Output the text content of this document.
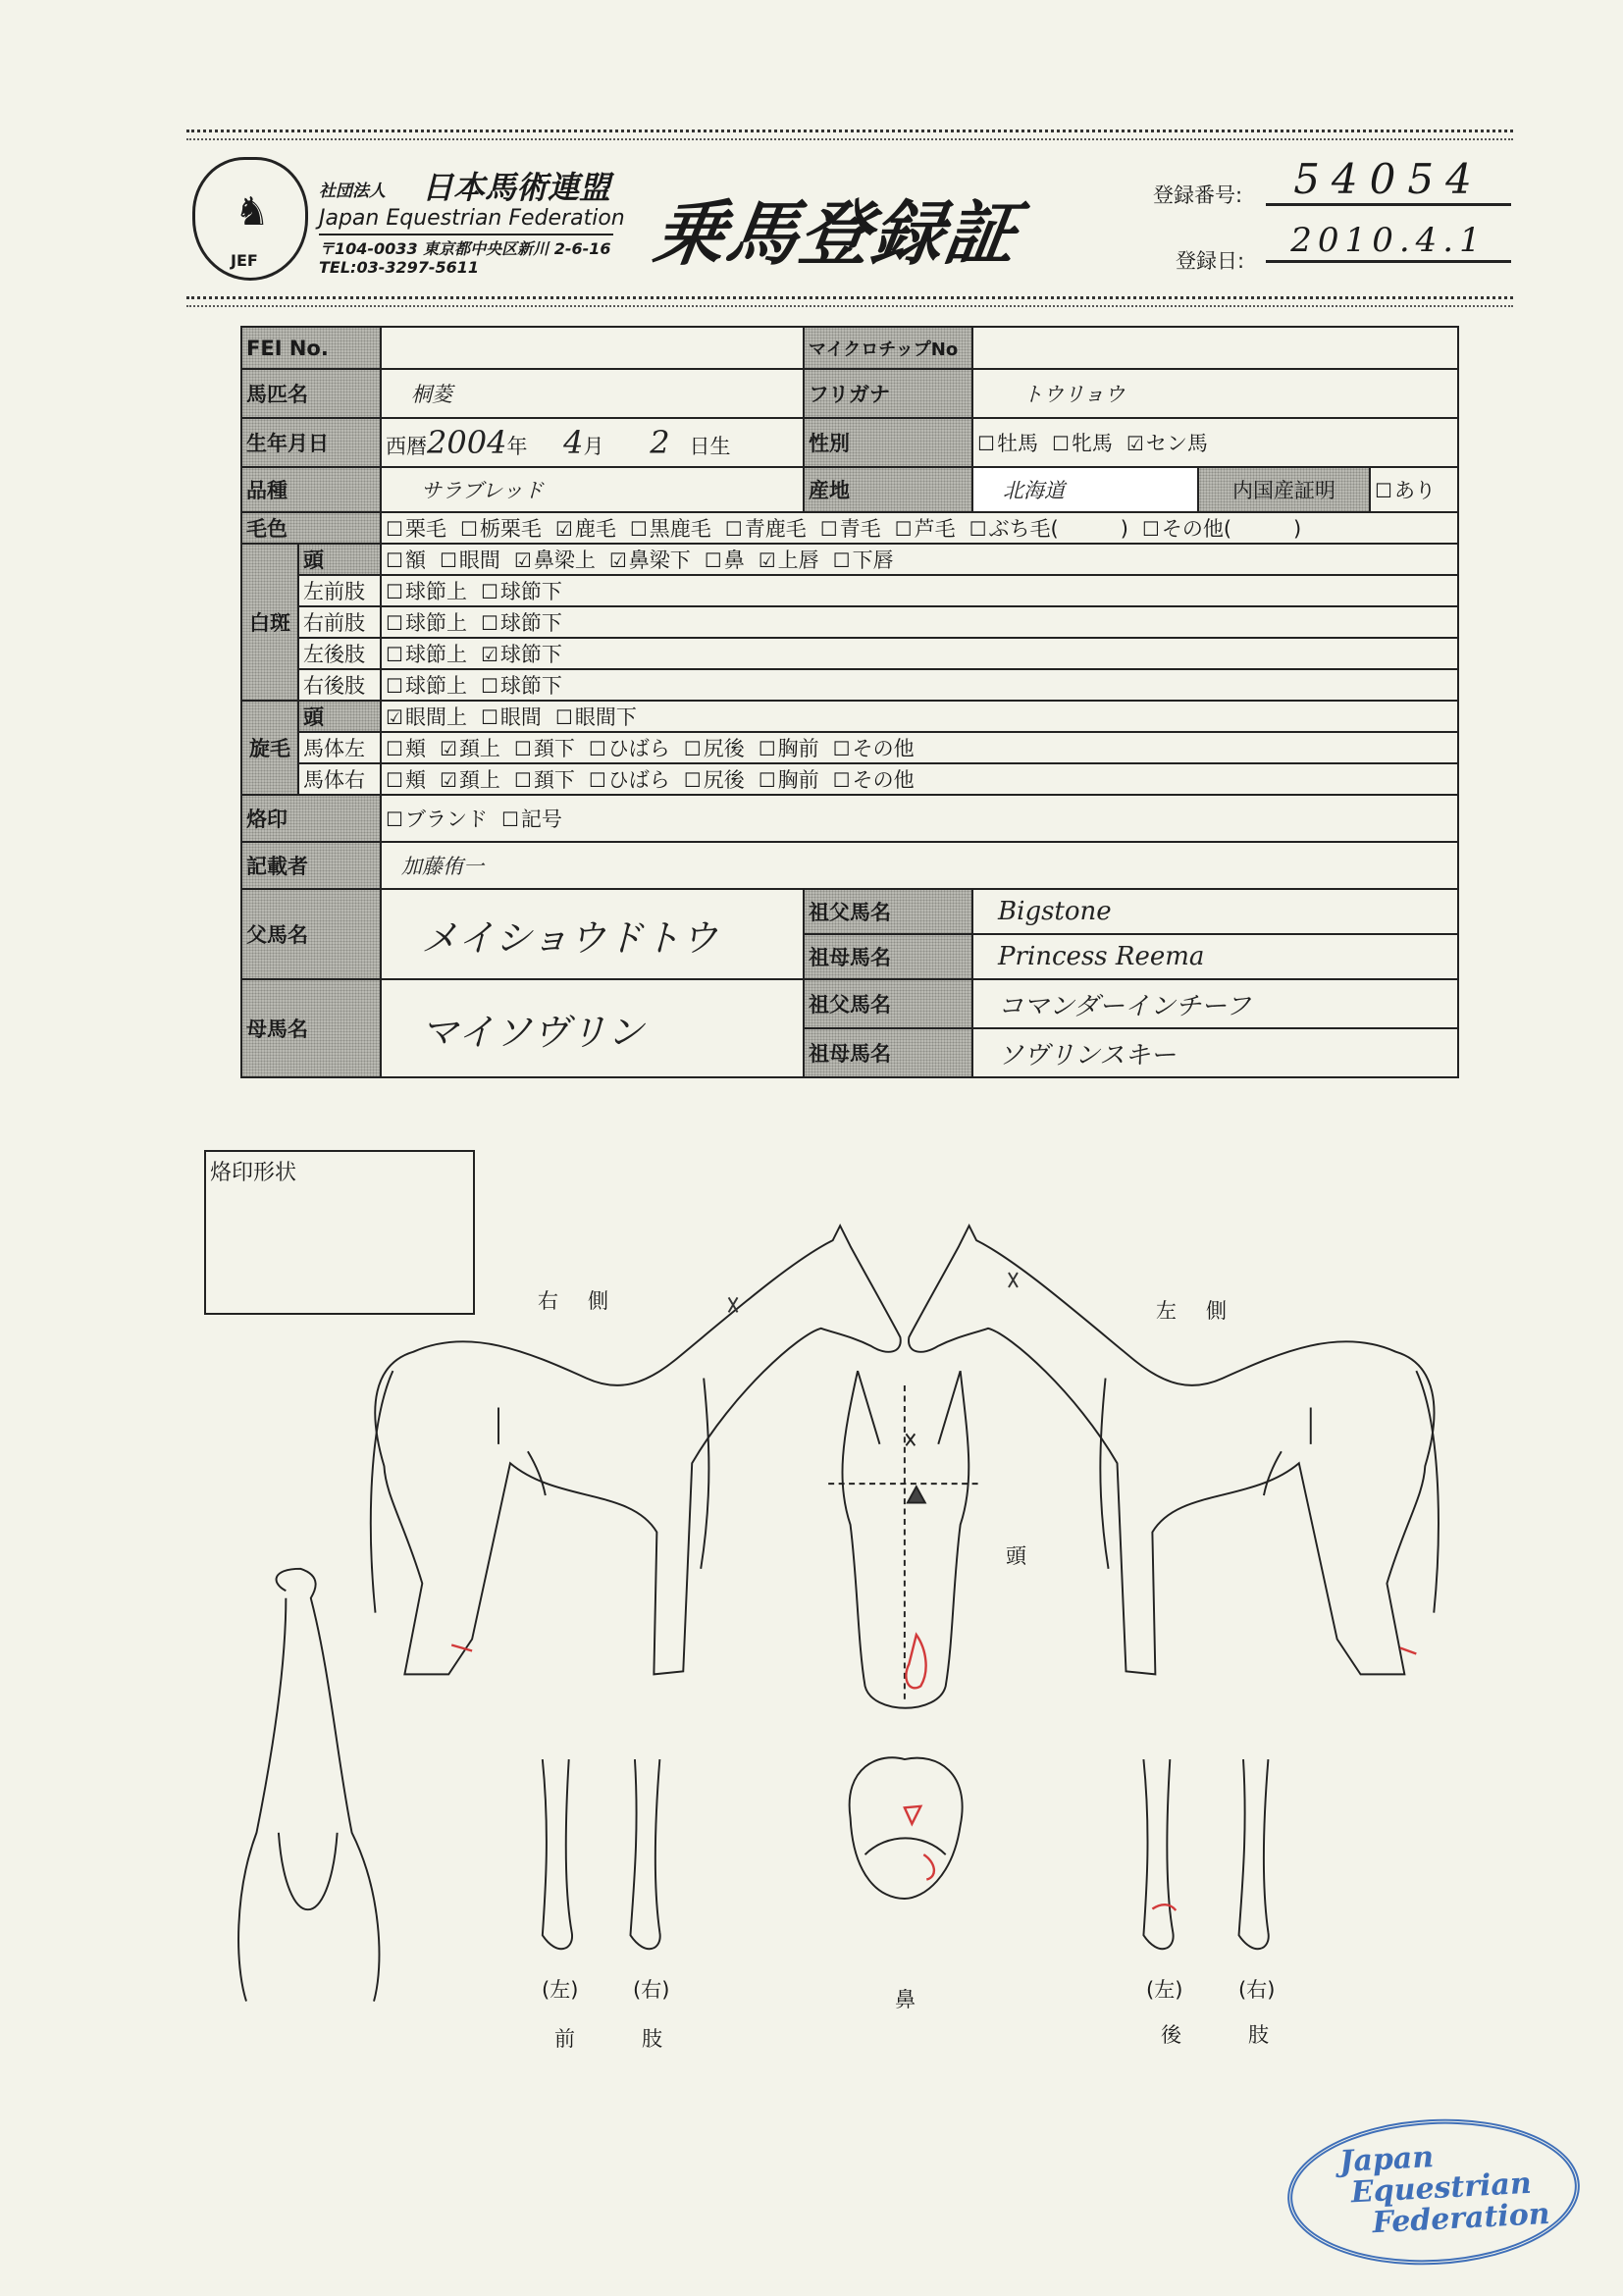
JEF
♞	社団法人 日本馬術連盟
Japan Equestrian Federation
〒104-0033 東京都中央区新川 2-6-16
TEL:03-3297-5611 乗馬登録証	登録番号:	54054
登録日:
2010.4.1
FEI No.			マイクロチップNo			
馬匹名		桐菱	フリガナ	トウリョウ		
生年月日		西暦2004年 4月 2 日生	性別	☐牡馬 ☐牝馬 ☑セン馬		
品種		サラブレッド	産地	北海道	内国産証明	☐あり
毛色		☐栗毛 ☐栃栗毛 ☑鹿毛 ☐黒鹿毛 ☐青鹿毛 ☐青毛 ☐芦毛 ☐ぶち毛(　　　) ☐その他(　　　)				
白斑	頭	☐額 ☐眼間 ☑鼻梁上 ☑鼻梁下 ☐鼻 ☑上唇 ☐下唇				
	左前肢	☐球節上 ☐球節下				
	右前肢	☐球節上 ☐球節下				
	左後肢	☐球節上 ☑球節下				
	右後肢	☐球節上 ☐球節下				
旋毛	頭	☑眼間上 ☐眼間 ☐眼間下				
	馬体左	☐頬 ☑頚上 ☐頚下 ☐ひばら ☐尻後 ☐胸前 ☐その他				
	馬体右	☐頬 ☑頚上 ☐頚下 ☐ひばら ☐尻後 ☐胸前 ☐その他				
烙印		☐ブランド ☐記号				
記載者		加藤侑一				
父馬名		メイショウドトウ	祖父馬名	Bigstone		
			祖母馬名	Princess Reema		
母馬名		マイソヴリン	祖父馬名	コマンダーインチーフ		
			祖母馬名	ソヴリンスキー		
烙印形状
右側	左側
頭
(左)	(右)
前肢
鼻	(左)	(右)
後肢
Japan
Equestrian
Federation
